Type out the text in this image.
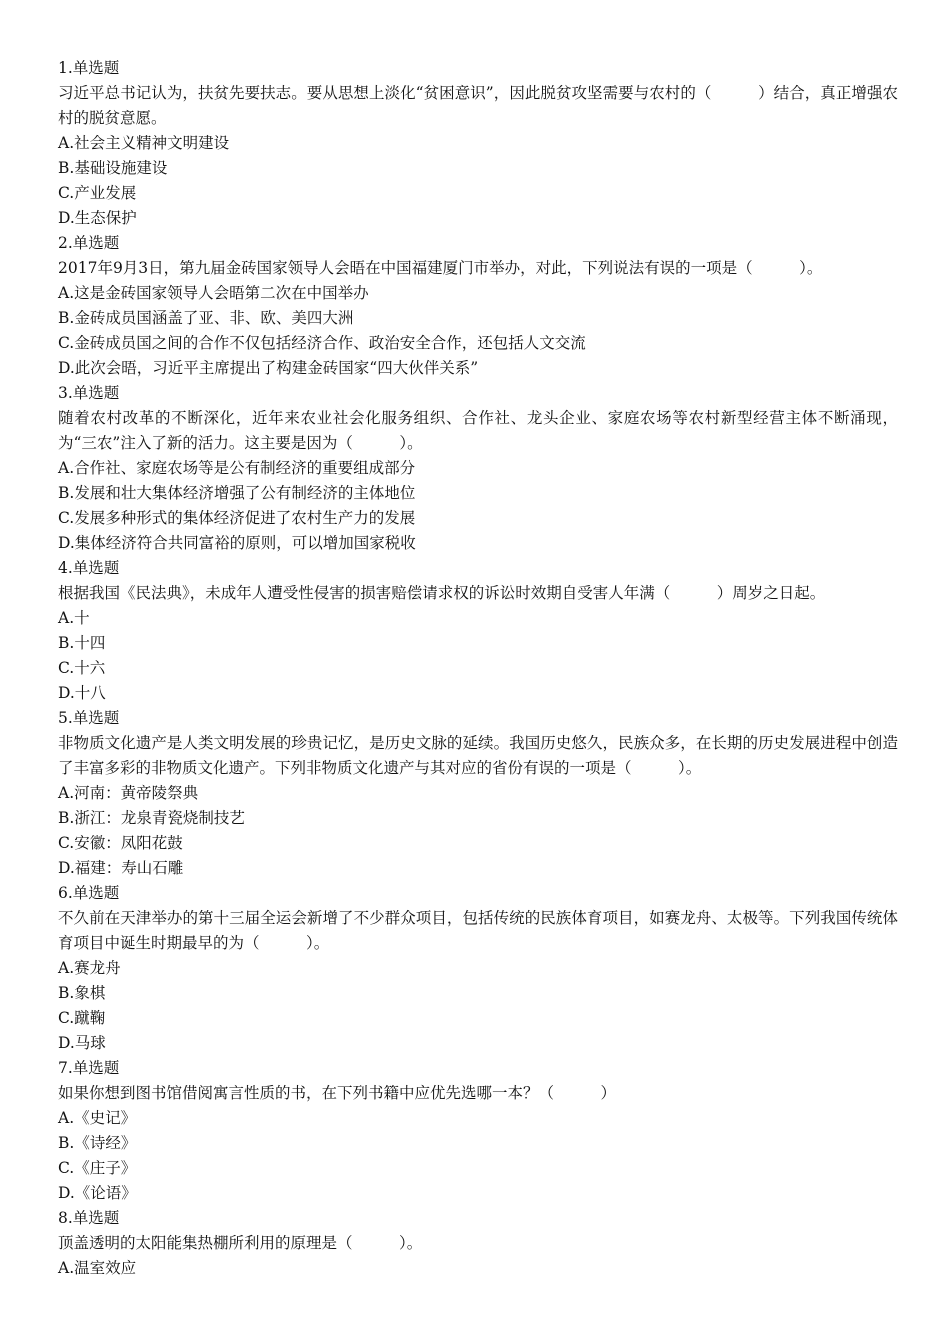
1.单选题
习近平总书记认为，扶贫先要扶志。要从思想上淡化“贫困意识”，因此脱贫攻坚需要与农村的（　　　）结合，真正增强农村的脱贫意愿。
A.社会主义精神文明建设
B.基础设施建设
C.产业发展
D.生态保护
2.单选题
2017年9月3日，第九届金砖国家领导人会晤在中国福建厦门市举办，对此，下列说法有误的一项是（　　　）。
A.这是金砖国家领导人会晤第二次在中国举办
B.金砖成员国涵盖了亚、非、欧、美四大洲
C.金砖成员国之间的合作不仅包括经济合作、政治安全合作，还包括人文交流
D.此次会晤，习近平主席提出了构建金砖国家“四大伙伴关系”
3.单选题
随着农村改革的不断深化，近年来农业社会化服务组织、合作社、龙头企业、家庭农场等农村新型经营主体不断涌现，为“三农”注入了新的活力。这主要是因为（　　　）。
A.合作社、家庭农场等是公有制经济的重要组成部分
B.发展和壮大集体经济增强了公有制经济的主体地位
C.发展多种形式的集体经济促进了农村生产力的发展
D.集体经济符合共同富裕的原则，可以增加国家税收
4.单选题
根据我国《民法典》，未成年人遭受性侵害的损害赔偿请求权的诉讼时效期自受害人年满（　　　）周岁之日起。
A.十
B.十四
C.十六
D.十八
5.单选题
非物质文化遗产是人类文明发展的珍贵记忆，是历史文脉的延续。我国历史悠久，民族众多，在长期的历史发展进程中创造了丰富多彩的非物质文化遗产。下列非物质文化遗产与其对应的省份有误的一项是（　　　）。
A.河南：黄帝陵祭典
B.浙江：龙泉青瓷烧制技艺
C.安徽：凤阳花鼓
D.福建：寿山石雕
6.单选题
不久前在天津举办的第十三届全运会新增了不少群众项目，包括传统的民族体育项目，如赛龙舟、太极等。下列我国传统体育项目中诞生时期最早的为（　　　）。
A.赛龙舟
B.象棋
C.蹴鞠
D.马球
7.单选题
如果你想到图书馆借阅寓言性质的书，在下列书籍中应优先选哪一本？（　　　）
A.《史记》
B.《诗经》
C.《庄子》
D.《论语》
8.单选题
顶盖透明的太阳能集热棚所利用的原理是（　　　）。
A.温室效应
